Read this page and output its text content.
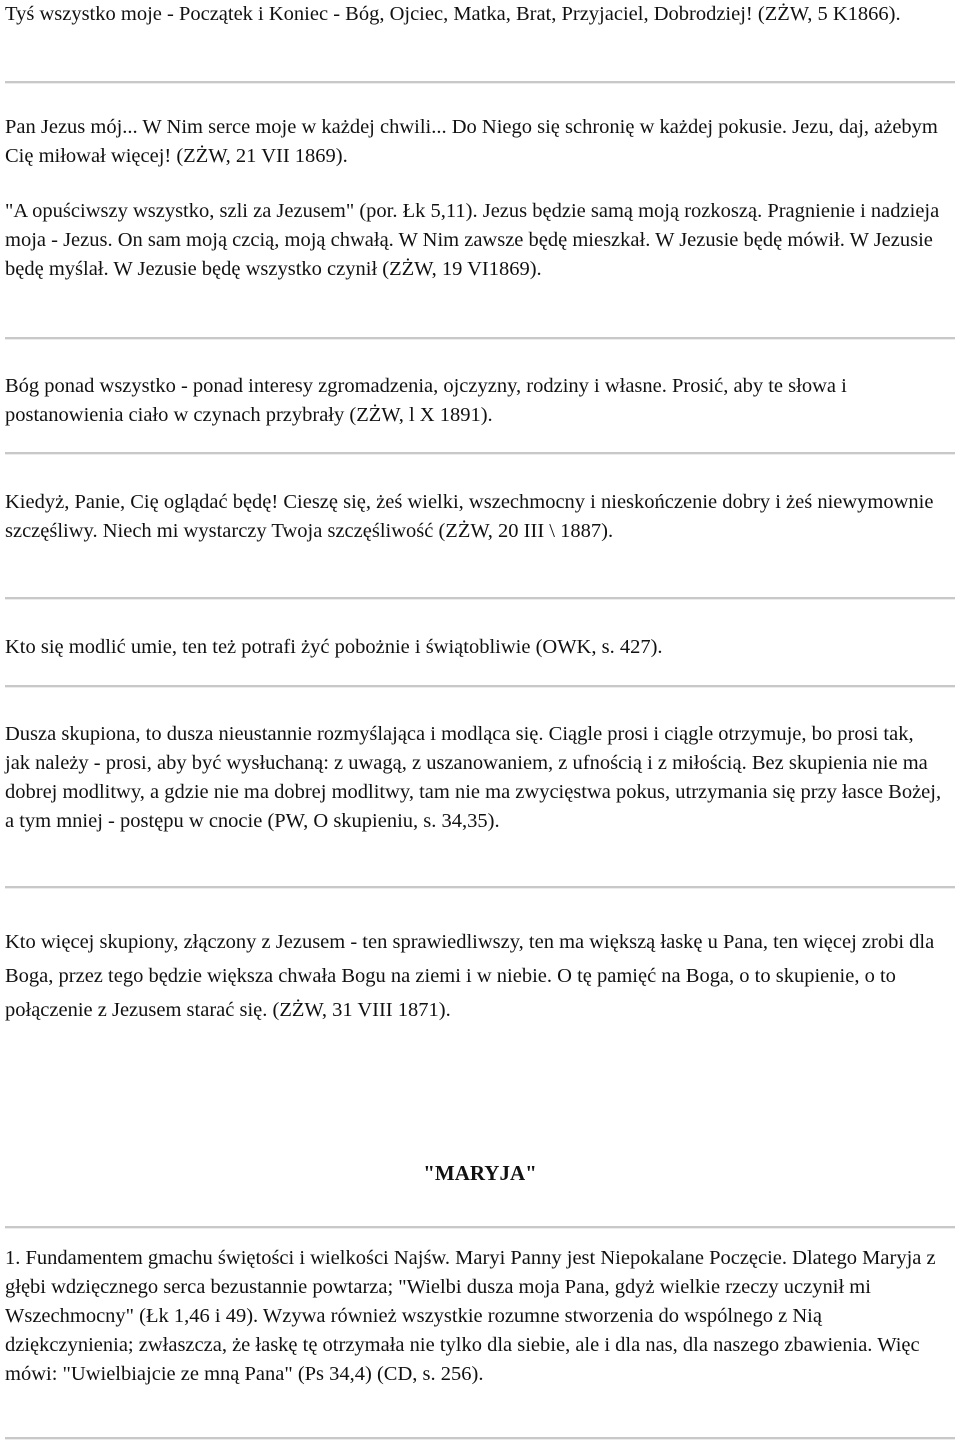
Tyś wszystko moje - Początek i Koniec - Bóg, Ojciec, Matka, Brat, Przyjaciel, Dobrodziej! (ZŻW, 5 K1866).

Pan Jezus mój... W Nim serce moje w każdej chwili... Do Niego się schronię w każdej pokusie. Jezu, daj, ażebym Cię miłował więcej! (ZŻW, 21 VII 1869).

"A opuściwszy wszystko, szli za Jezusem" (por. Łk 5,11). Jezus będzie samą moją rozkoszą. Pragnienie i nadzieja moja - Jezus. On sam moją czcią, moją chwałą. W Nim zawsze będę mieszkał. W Jezusie będę mówił. W Jezusie będę myślał. W Jezusie będę wszystko czynił (ZŻW, 19 VI1869).

Bóg ponad wszystko - ponad interesy zgromadzenia, ojczyzny, rodziny i własne. Prosić, aby te słowa i postanowienia ciało w czynach przybrały (ZŻW, l X 1891).

Kiedyż, Panie, Cię oglądać będę! Cieszę się, żeś wielki, wszechmocny i nieskończenie dobry i żeś niewymownie szczęśliwy. Niech mi wystarczy Twoja szczęśliwość (ZŻW, 20 III \ 1887).

Kto się modlić umie, ten też potrafi żyć pobożnie i świątobliwie (OWK, s. 427).

Dusza skupiona, to dusza nieustannie rozmyślająca i modląca się. Ciągle prosi i ciągle otrzymuje, bo prosi tak, jak należy - prosi, aby być wysłuchaną: z uwagą, z uszanowaniem, z ufnością i z miłością. Bez skupienia nie ma dobrej modlitwy, a gdzie nie ma dobrej modlitwy, tam nie ma zwycięstwa pokus, utrzymania się przy łasce Bożej, a tym mniej - postępu w cnocie (PW, O skupieniu, s. 34,35).

Kto więcej skupiony, złączony z Jezusem - ten sprawiedliwszy, ten ma większą łaskę u Pana, ten więcej zrobi dla Boga, przez tego będzie większa chwała Bogu na ziemi i w niebie. O tę pamięć na Boga, o to skupienie, o to połączenie z Jezusem starać się. (ZŻW, 31 VIII 1871).

"MARYJA"

1. Fundamentem gmachu świętości i wielkości Najśw. Maryi Panny jest Niepokalane Poczęcie. Dlatego Maryja z głębi wdzięcznego serca bezustannie powtarza; "Wielbi dusza moja Pana, gdyż wielkie rzeczy uczynił mi Wszechmocny" (Łk 1,46 i 49). Wzywa również wszystkie rozumne stworzenia do wspólnego z Nią dziękczynienia; zwłaszcza, że łaskę tę otrzymała nie tylko dla siebie, ale i dla nas, dla naszego zbawienia. Więc mówi: "Uwielbiajcie ze mną Pana" (Ps 34,4) (CD, s. 256).
